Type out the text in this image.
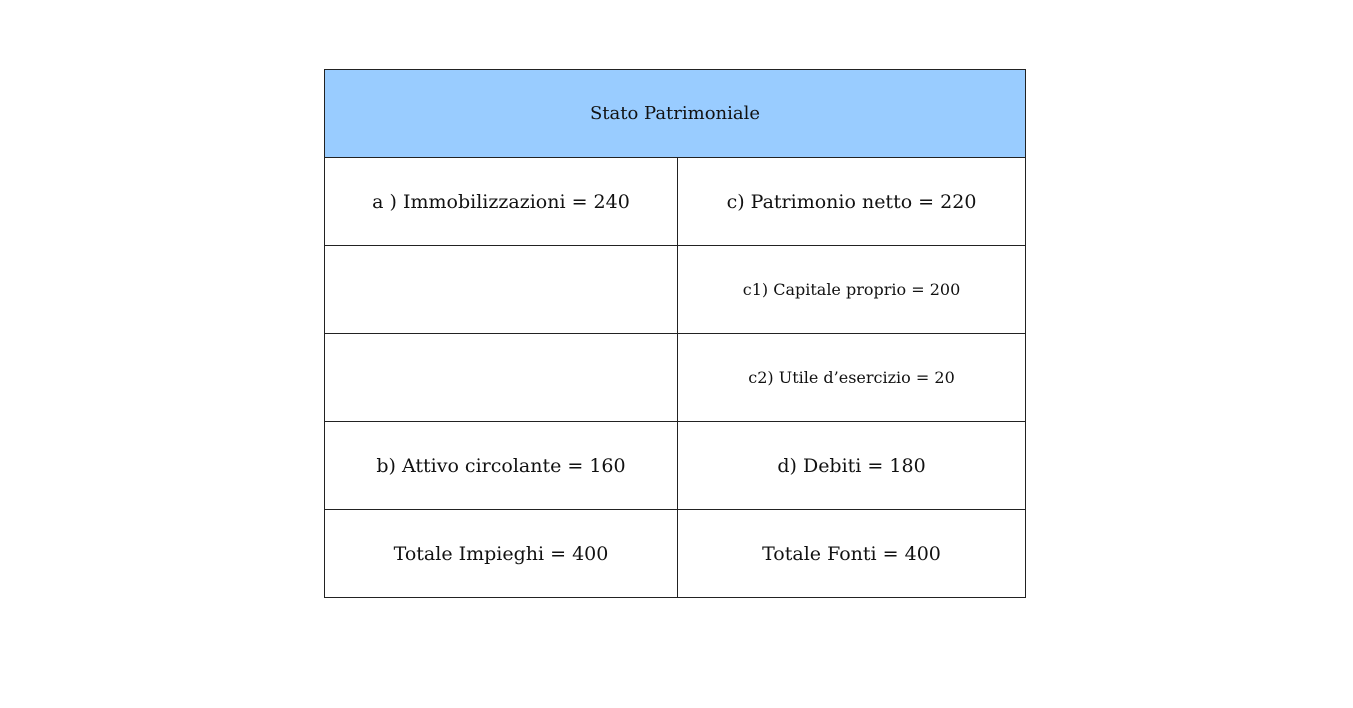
Stato Patrimoniale	
a ) Immobilizzazioni = 240	c) Patrimonio netto = 220
	c1) Capitale proprio = 200
	c2) Utile d’esercizio = 20
b) Attivo circolante = 160	d) Debiti = 180
Totale Impieghi = 400	Totale Fonti = 400
